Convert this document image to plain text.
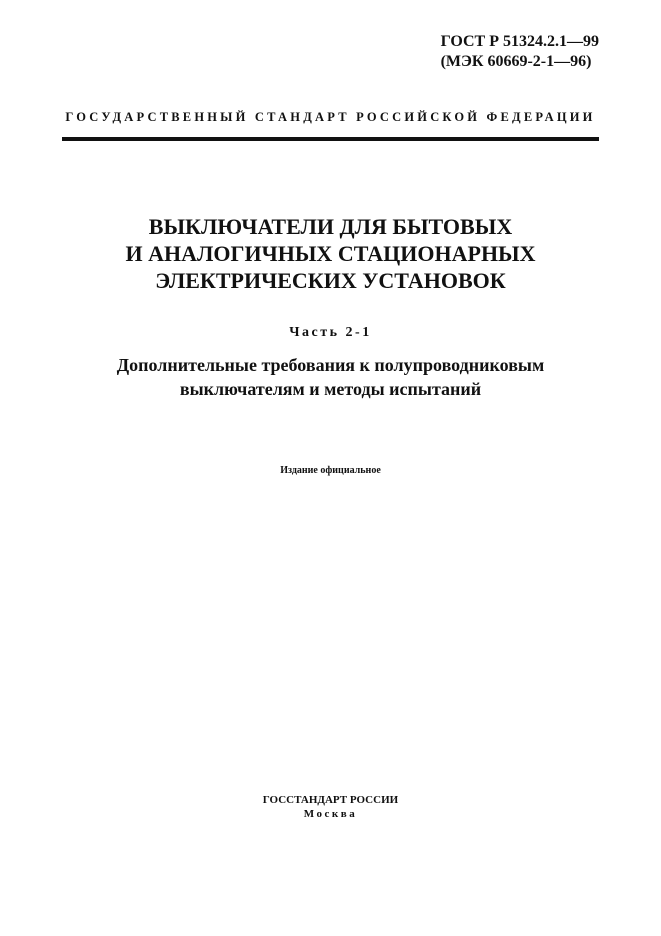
ГОСТ Р 51324.2.1—99
(МЭК 60669-2-1—96)
ГОСУДАРСТВЕННЫЙ СТАНДАРТ РОССИЙСКОЙ ФЕДЕРАЦИИ
ВЫКЛЮЧАТЕЛИ ДЛЯ БЫТОВЫХ
И АНАЛОГИЧНЫХ СТАЦИОНАРНЫХ
ЭЛЕКТРИЧЕСКИХ УСТАНОВОК
Часть 2-1
Дополнительные требования к полупроводниковым
выключателям и методы испытаний
Издание официальное
ГОССТАНДАРТ РОССИИ
Москва
